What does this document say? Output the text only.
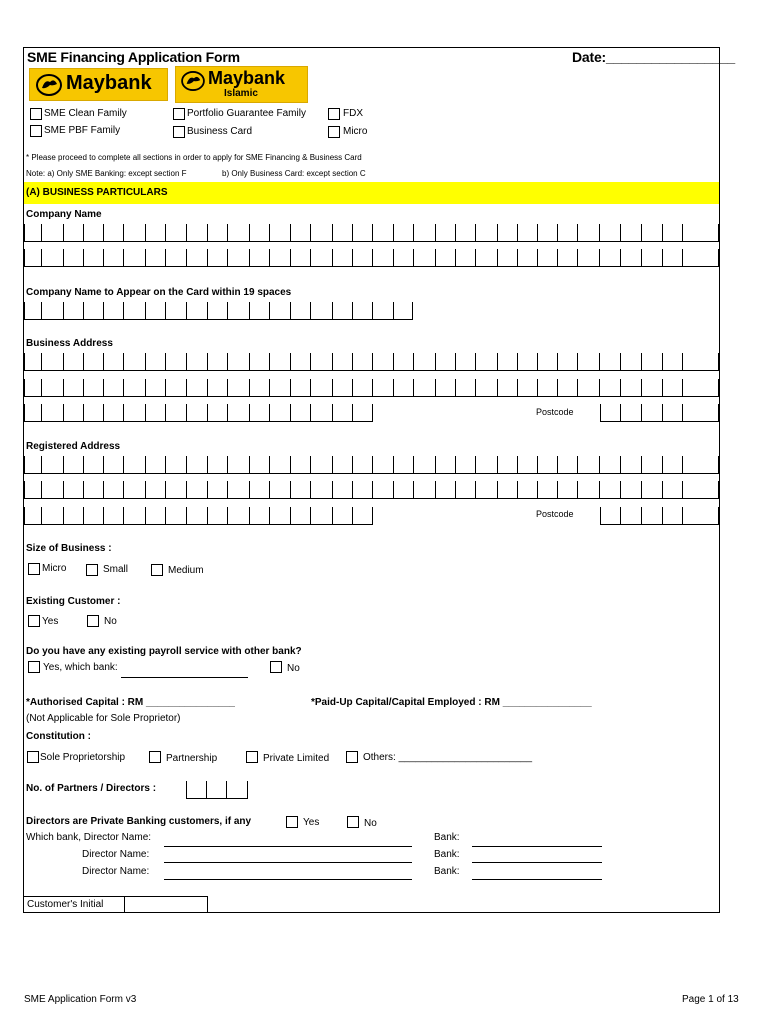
SME Financing Application Form	Date:_________________
Maybank	Maybank
Islamic
SME Clean Family	Portfolio Guarantee Family	FDX
SME PBF Family	Business Card	Micro
* Please proceed to complete all sections in order to apply for SME Financing & Business Card
Note: a) Only SME Banking: except section F	b) Only Business Card: except section C
(A) BUSINESS PARTICULARS
Company Name
Company Name to Appear on the Card within 19 spaces
Business Address
Postcode
Registered Address
Postcode
Size of Business :
Micro	Small	Medium
Existing Customer :
Yes	No
Do you have any existing payroll service with other bank?
Yes, which bank:	No
*Authorised Capital : RM ________________	*Paid-Up Capital/Capital Employed : RM ________________
(Not Applicable for Sole Proprietor)
Constitution :
Sole Proprietorship	Partnership	Private Limited	Others: ________________________
No. of Partners / Directors :
Directors are Private Banking customers, if any	Yes	No
Which bank, Director Name:	Bank:
Director Name:	Bank:
Director Name:	Bank:
Customer's Initial
SME Application Form v3	Page 1 of 13
